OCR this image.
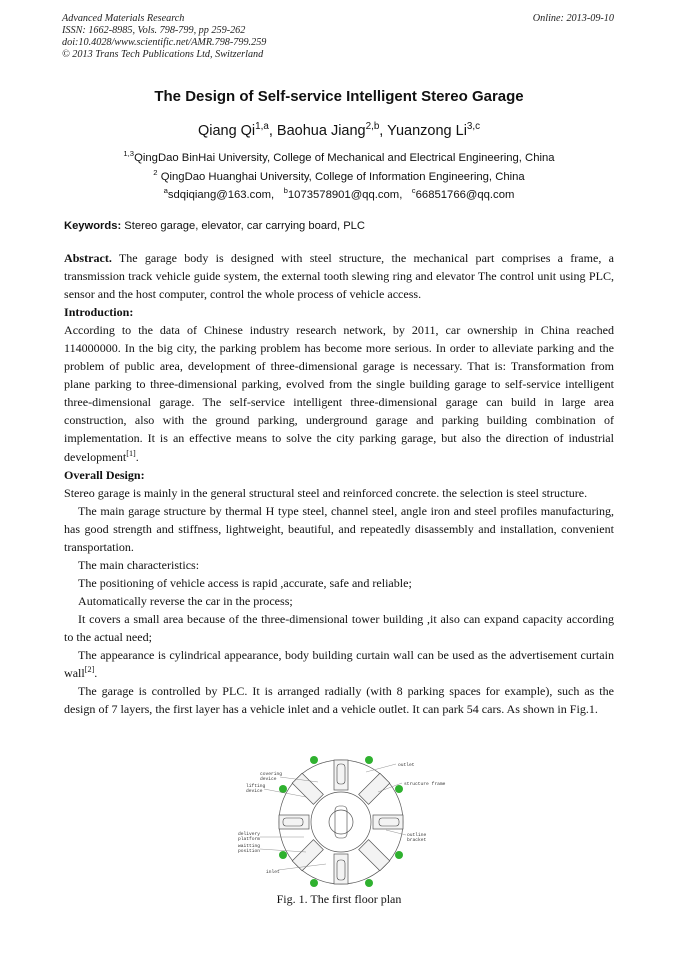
Advanced Materials Research
ISSN: 1662-8985, Vols. 798-799, pp 259-262
doi:10.4028/www.scientific.net/AMR.798-799.259
© 2013 Trans Tech Publications Ltd, Switzerland
Online: 2013-09-10
The Design of Self-service Intelligent Stereo Garage
Qiang Qi$^{1,a}$, Baohua Jiang$^{2,b}$, Yuanzong Li$^{3,c}$
$^{1,3}$QingDao BinHai University, College of Mechanical and Electrical Engineering, China
$^2$ QingDao Huanghai University, College of Information Engineering, China
$^a$sdqiqiang@163.com, $^b$1073578901@qq.com, $^c$66851766@qq.com
Keywords: Stereo garage, elevator, car carrying board, PLC

Abstract. The garage body is designed with steel structure, the mechanical part comprises a frame, a transmission track vehicle guide system, the external tooth slewing ring and elevator The control unit using PLC, sensor and the host computer, control the whole process of vehicle access.

Introduction:

According to the data of Chinese industry research network, by 2011, car ownership in China reached 114000000. In the big city, the parking problem has become more serious. In order to alleviate parking and the problem of public area, development of three-dimensional garage is necessary. That is: Transformation from plane parking to three-dimensional parking, evolved from the single building garage to self-service intelligent three-dimensional garage. The self-service intelligent three-dimensional garage can build in large area construction, also with the ground parking, underground garage and parking building combination of implementation. It is an effective means to solve the city parking garage, but also the direction of industrial development[1].

Overall Design:

Stereo garage is mainly in the general structural steel and reinforced concrete. the selection is steel structure.

The main garage structure by thermal H type steel, channel steel, angle iron and steel profiles manufacturing, has good strength and stiffness, lightweight, beautiful, and repeatedly disassembly and installation, convenient transportation.

The main characteristics:

The positioning of vehicle access is rapid ,accurate, safe and reliable;

Automatically reverse the car in the process;

It covers a small area because of the three-dimensional tower building ,it also can expand capacity according to the actual need;

The appearance is cylindrical appearance, body building curtain wall can be used as the advertisement curtain wall[2].

The garage is controlled by PLC. It is arranged radially (with 8 parking spaces for example), such as the design of 7 layers, the first layer has a vehicle inlet and a vehicle outlet. It can park 54 cars. As shown in Fig.1.

covering
device
lifting
device
outlet
structure frame
outline
bracket
delivery
platform
waitting
position
inlet
Fig. 1. The first floor plan
